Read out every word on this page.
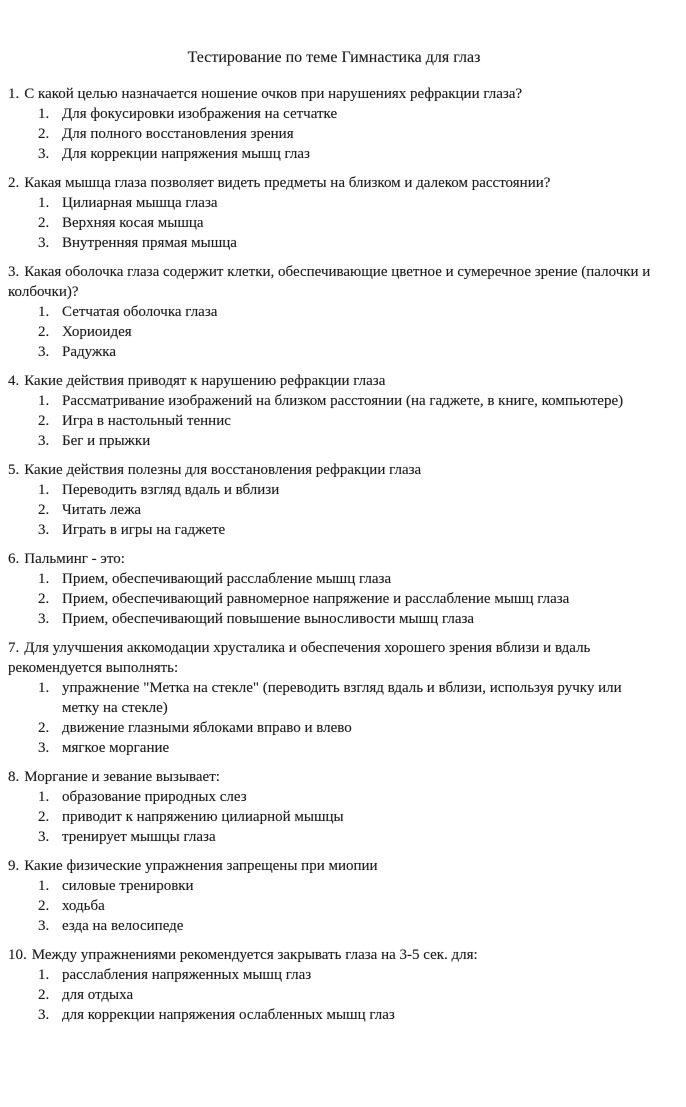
Тестирование по теме Гимнастика для глаз

1. С какой целью назначается ношение очков при нарушениях рефракции глаза?

1. Для фокусировки изображения на сетчатке
2. Для полного восстановления зрения
3. Для коррекции напряжения мышц глаз

2. Какая мышца глаза позволяет видеть предметы на близком и далеком расстоянии?

1. Цилиарная мышца глаза
2. Верхняя косая мышца
3. Внутренняя прямая мышца

3. Какая оболочка глаза содержит клетки, обеспечивающие цветное и сумеречное зрение (палочки и колбочки)?

1. Сетчатая оболочка глаза
2. Хориоидея
3. Радужка

4. Какие действия приводят к нарушению рефракции глаза

1. Рассматривание изображений на близком расстоянии (на гаджете, в книге, компьютере)
2. Игра в настольный теннис
3. Бег и прыжки

5. Какие действия полезны для восстановления рефракции глаза

1. Переводить взгляд вдаль и вблизи
2. Читать лежа
3. Играть в игры на гаджете

6. Пальминг - это:

1. Прием, обеспечивающий расслабление мышц глаза
2. Прием, обеспечивающий равномерное напряжение и расслабление мышц глаза
3. Прием, обеспечивающий повышение выносливости мышц глаза

7. Для улучшения аккомодации хрусталика и обеспечения хорошего зрения вблизи и вдаль рекомендуется выполнять:

1. упражнение "Метка на стекле" (переводить взгляд вдаль и вблизи, используя ручку или метку на стекле)
2. движение глазными яблоками вправо и влево
3. мягкое моргание

8. Моргание и зевание вызывает:

1. образование природных слез
2. приводит к напряжению цилиарной мышцы
3. тренирует мышцы глаза

9. Какие физические упражнения запрещены при миопии

1. силовые тренировки
2. ходьба
3. езда на велосипеде

10. Между упражнениями рекомендуется закрывать глаза на 3-5 сек. для:

1. расслабления напряженных мышц глаз
2. для отдыха
3. для коррекции напряжения ослабленных мышц глаз
